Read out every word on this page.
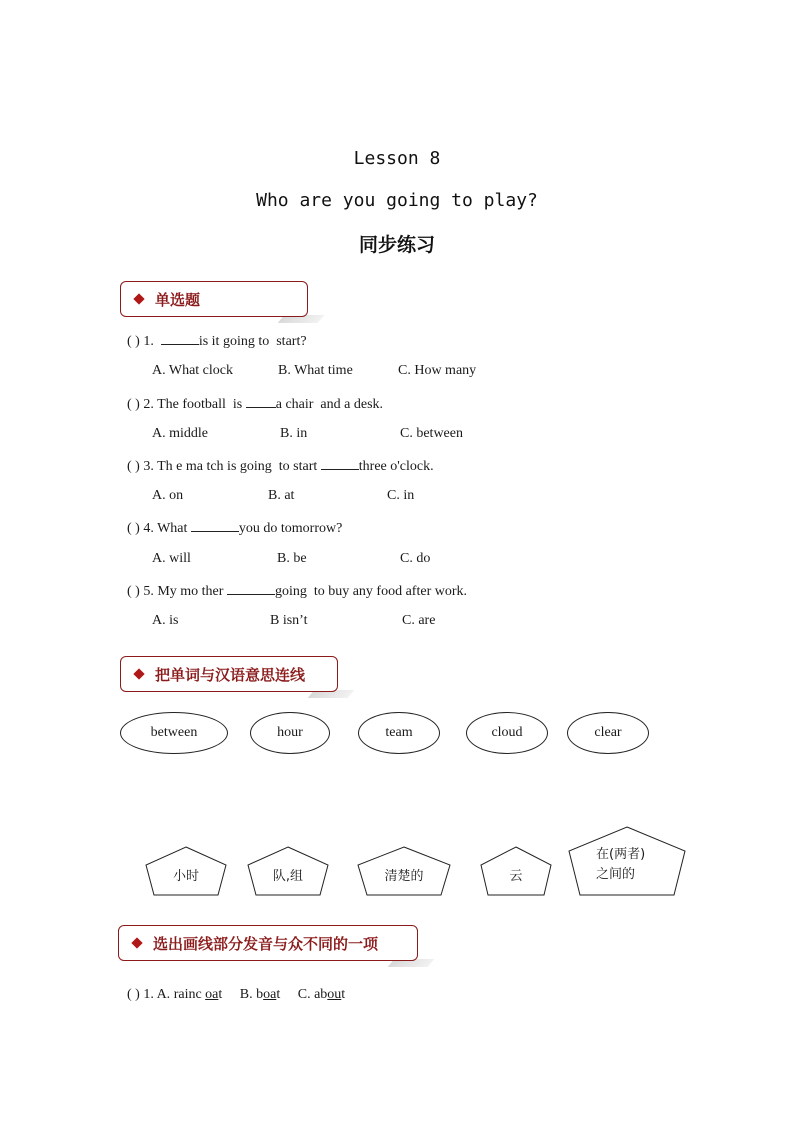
Lesson 8
Who are you going to play?
同步练习
单选题
( ) 1.	is it going to  start?
A. What clock	B. What time	C. How many
( ) 2. The football  is a chair  and a desk.
A. middle	B. in	C. between
( ) 3. Th e ma tch is going  to start	three o'clock.
A. on	B. at	C. in
( ) 4. What	you do tomorrow?
A. will	B. be	C. do
( ) 5. My mo ther	going  to buy any food after work.
A. is	B isn’t	C. are
把单词与汉语意思连线
between	hour	team	cloud	clear
小时	队,组	清楚的	云
在(两者)
之间的
选出画线部分发音与众不同的一项
( ) 1. A. rainc oat B. boat C. about
